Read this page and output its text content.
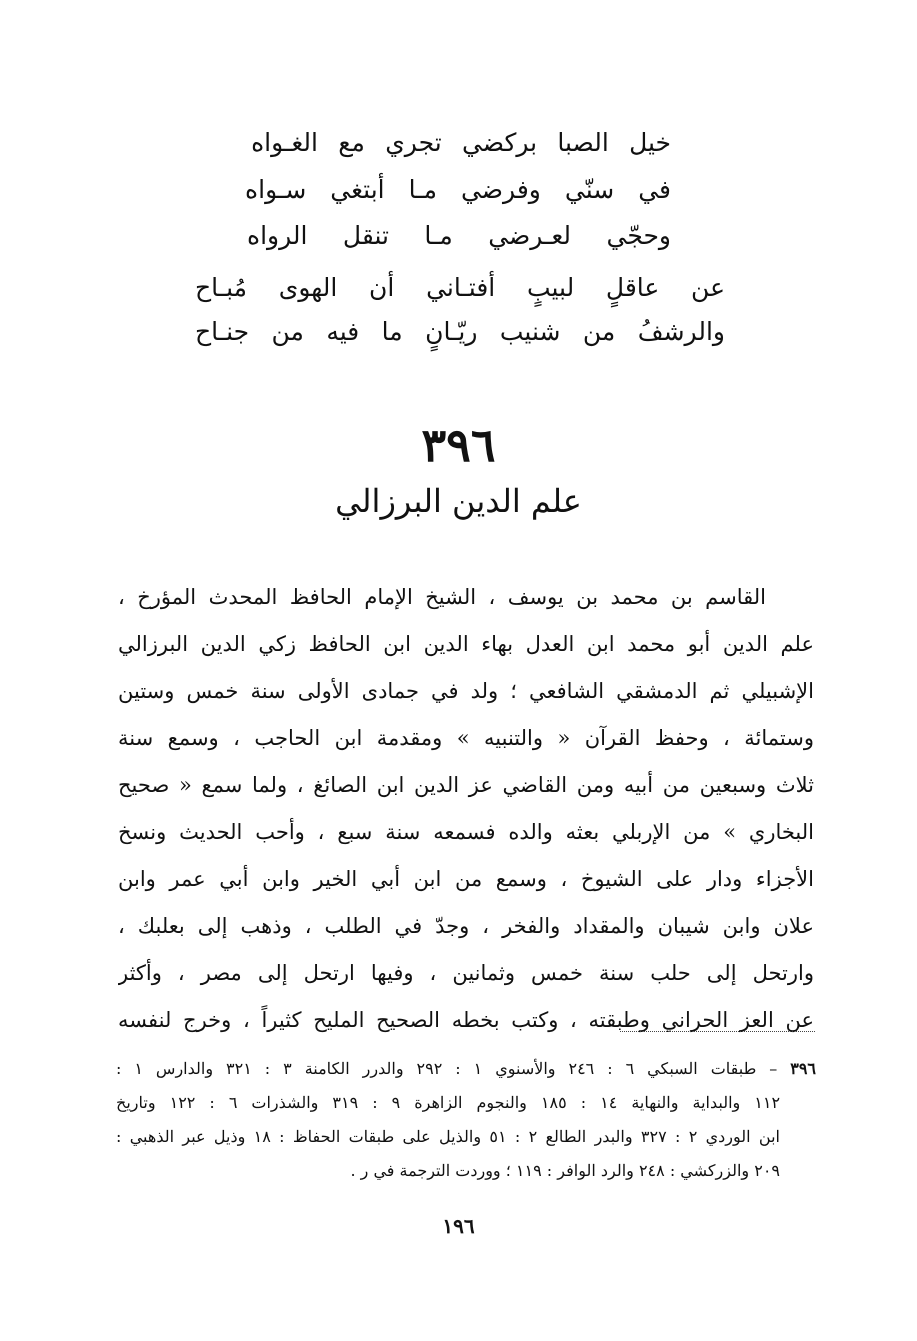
خيل
الصبا
بركضي
تجري
مع
الغـواه
في
سنّي
وفرضي
مـا
أبتغي
سـواه
وحجّي
لعـرضي
مـا
تنقل
الرواه
عن
عاقلٍ
لبيبٍ
أفتـاني
أن
الهوى
مُبـاح
والرشفُ
من
شنيب
ريّـانٍ
ما
فيه
من
جنـاح
٣٩٦
علم الدين البرزالي
القاسم بن محمد بن يوسف ، الشيخ الإمام الحافظ المحدث المؤرخ ،
علم الدين أبو محمد ابن العدل بهاء الدين ابن الحافظ زكي الدين البرزالي
الإشبيلي ثم الدمشقي الشافعي ؛ ولد في جمادى الأولى سنة خمس وستين
وستمائة ، وحفظ القرآن « والتنبيه » ومقدمة ابن الحاجب ، وسمع سنة
ثلاث وسبعين من أبيه ومن القاضي عز الدين ابن الصائغ ، ولما سمع « صحيح
البخاري » من الإربلي بعثه والده فسمعه سنة سبع ، وأحب الحديث ونسخ
الأجزاء ودار على الشيوخ ، وسمع من ابن أبي الخير وابن أبي عمر وابن
علان وابن شيبان والمقداد والفخر ، وجدّ في الطلب ، وذهب إلى بعلبك ،
وارتحل إلى حلب سنة خمس وثمانين ، وفيها ارتحل إلى مصر ، وأكثر
عن العز الحراني وطبقته ، وكتب بخطه الصحيح المليح كثيراً ، وخرج لنفسه
٣٩٦ – طبقات السبكي ٦ : ٢٤٦ والأسنوي ١ : ٢٩٢ والدرر الكامنة ٣ : ٣٢١ والدارس ١ :
١١٢ والبداية والنهاية ١٤ : ١٨٥ والنجوم الزاهرة ٩ : ٣١٩ والشذرات ٦ : ١٢٢ وتاريخ
ابن الوردي ٢ : ٣٢٧ والبدر الطالع ٢ : ٥١ والذيل على طبقات الحفاظ : ١٨ وذيل عبر الذهبي :
٢٠٩ والزركشي : ٢٤٨ والرد الوافر : ١١٩ ؛ ووردت الترجمة في ر .
١٩٦
